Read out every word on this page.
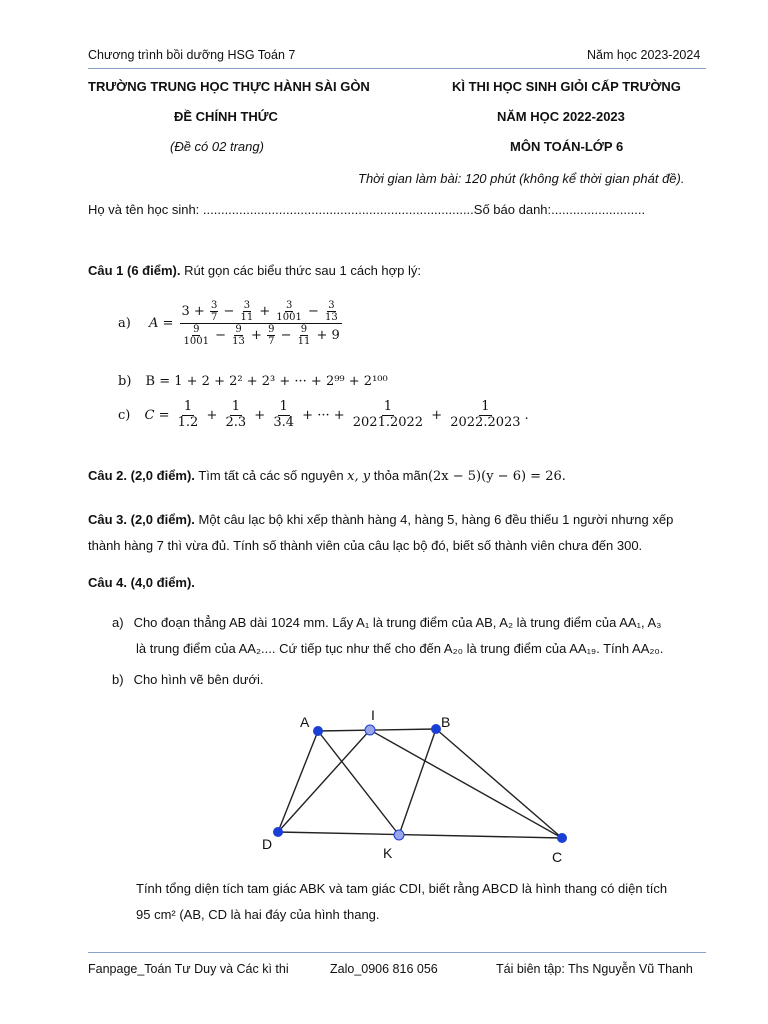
Chương trình bồi dưỡng HSG Toán 7	Năm học 2023-2024
TRƯỜNG TRUNG HỌC THỰC HÀNH SÀI GÒN
ĐỀ CHÍNH THỨC
(Đề có 02 trang)
KÌ THI HỌC SINH GIỎI CẤP TRƯỜNG
NĂM HỌC 2022-2023
MÔN TOÁN-LỚP 6
Thời gian làm bài: 120 phút (không kể thời gian phát đề).
Họ và tên học sinh: ...........................................................................Số báo danh:..........................
Câu 1 (6 điểm). Rút gọn các biểu thức sau 1 cách hợp lý:
a) $A = \frac{3 + \frac{3}{7} - \frac{3}{11} + \frac{3}{1001} - \frac{3}{13}}{\frac{9}{1001} - \frac{9}{13} + \frac{9}{7} - \frac{9}{11} + 9}$
b) B = 1 + 2 + 2² + 2³ + ··· + 2⁹⁹ + 2¹⁰⁰
c) $C = \frac{1}{1.2} + \frac{1}{2.3} + \frac{1}{3.4}$ + ··· + $\frac{1}{2021.2022} + \frac{1}{2022.2023}$ .
Câu 2. (2,0 điểm). Tìm tất cả các số nguyên x, y thỏa mãn(2x − 5)(y − 6) = 26.
Câu 3. (2,0 điểm). Một câu lạc bộ khi xếp thành hàng 4, hàng 5, hàng 6 đều thiếu 1 người nhưng xếp
thành hàng 7 thì vừa đủ. Tính số thành viên của câu lạc bộ đó, biết số thành viên chưa đến 300.
Câu 4. (4,0 điểm).
a) Cho đoạn thẳng AB dài 1024 mm. Lấy A₁ là trung điểm của AB, A₂ là trung điểm của AA₁, A₃
là trung điểm của AA₂.... Cứ tiếp tục như thế cho đến A₂₀ là trung điểm của AA₁₉. Tính AA₂₀.
b) Cho hình vẽ bên dưới.
A	I	B
D
K	C
Tính tổng diện tích tam giác ABK và tam giác CDI, biết rằng ABCD là hình thang có diện tích
95 cm² (AB, CD là hai đáy của hình thang.
Fanpage_Toán Tư Duy và Các kì thi	Zalo_0906 816 056	Tái biên tập: Ths Nguyễn Vũ Thanh
